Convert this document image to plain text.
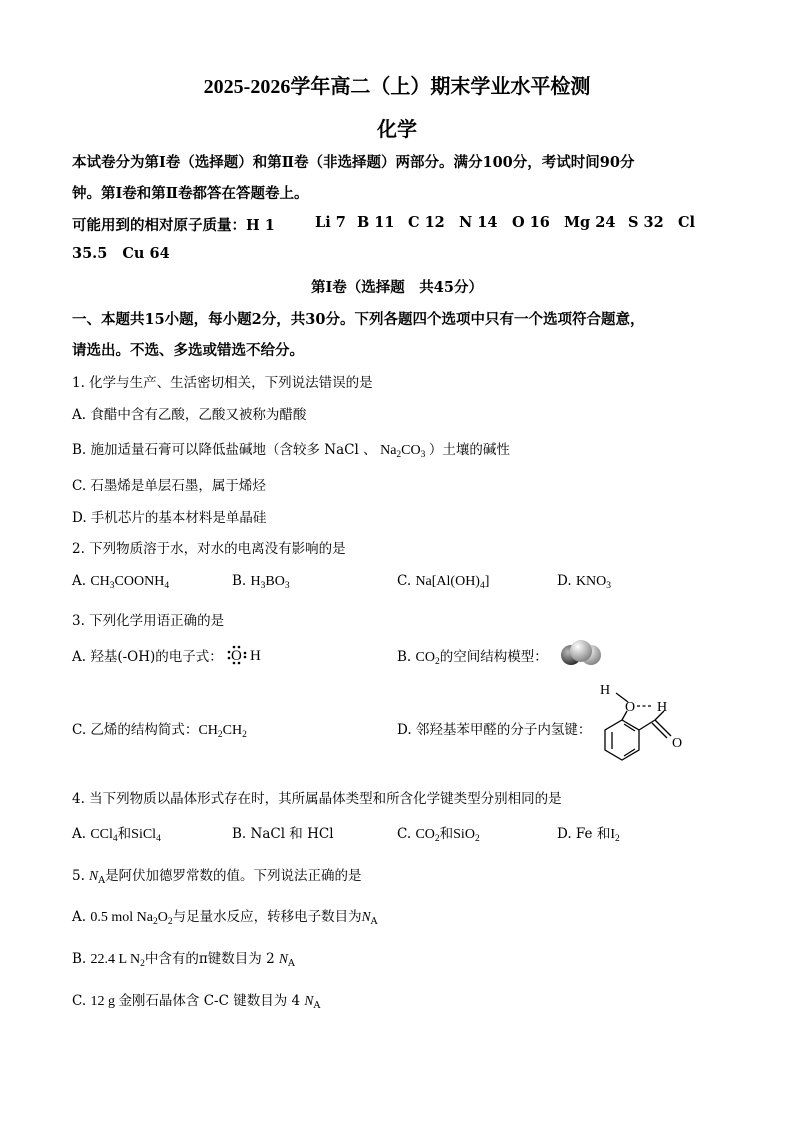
2025-2026学年高二（上）期末学业水平检测
化学
本试卷分为第Ⅰ卷（选择题）和第Ⅱ卷（非选择题）两部分。满分100分，考试时间90分
钟。第Ⅰ卷和第Ⅱ卷都答在答题卷上。
可能用到的相对原子质量：H 1	Li 7 B 11 C 12 N 14 O 16 Mg 24 S 32 Cl
35.5 Cu 64
第Ⅰ卷（选择题　共45分）
一、本题共15小题，每小题2分，共30分。下列各题四个选项中只有一个选项符合题意，
请选出。不选、多选或错选不给分。
1. 化学与生产、生活密切相关，下列说法错误的是
A. 食醋中含有乙酸，乙酸又被称为醋酸
B. 施加适量石膏可以降低盐碱地（含较多 NaCl 、 $Na_2CO_3$ ）土壤的碱性
C. 石墨烯是单层石墨，属于烯烃
D. 手机芯片的基本材料是单晶硅
2. 下列物质溶于水，对水的电离没有影响的是
A. $CH_3COONH_4$	B. $H_3BO_3$	C. $Na[Al(OH)_4]$	D. $KNO_3$
3. 下列化学用语正确的是
A. 羟基(-OH)的电子式： O H	B. $CO_2$的空间结构模型：
C. 乙烯的结构简式：$CH_2CH_2$	D. 邻羟基苯甲醛的分子内氢键：
H
O H
O
4. 当下列物质以晶体形式存在时，其所属晶体类型和所含化学键类型分别相同的是
A. CCl$_4$和SiCl$_4$	B. NaCl 和 HCl	C. $CO_2$和SiO$_2$	D. Fe 和$I_2$
5. $N_A$是阿伏加德罗常数的值。下列说法正确的是
A. 0.5 mol $Na_2O_2$与足量水反应，转移电子数目为$N_A$
B. 22.4 L $N_2$中含有的π键数目为 2 $N_A$
C. 12 g 金刚石晶体含 C-C 键数目为 4 $N_A$
